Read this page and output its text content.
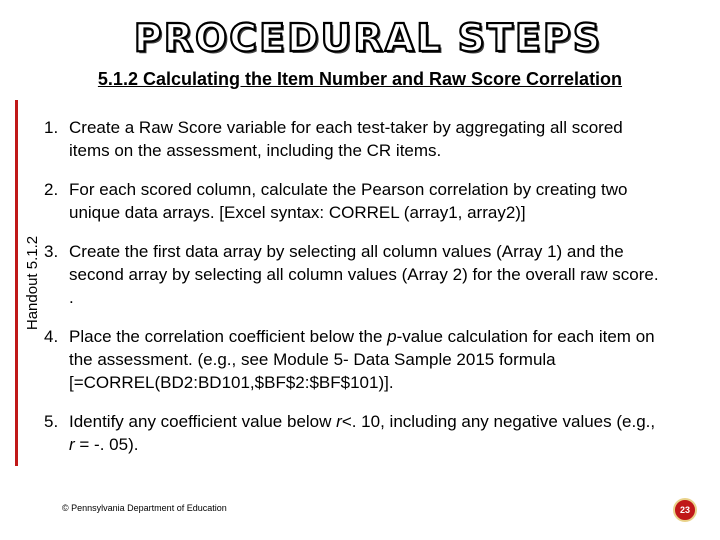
PROCEDURAL STEPS
5.1.2 Calculating the Item Number and Raw Score Correlation
Handout 5.1.2
1. Create a Raw Score variable for each test-taker by aggregating all scored items on the assessment, including the CR items.
2. For each scored column, calculate the Pearson correlation by creating two unique data arrays. [Excel syntax: CORREL (array1, array2)]
3. Create the first data array by selecting all column values (Array 1) and the second array by selecting all column values (Array 2) for the overall raw score. .
4. Place the correlation coefficient below the p-value calculation for each item on the assessment. (e.g., see Module 5- Data Sample 2015 formula [=CORREL(BD2:BD101,$BF$2:$BF$101)].
5. Identify any coefficient value below r<. 10, including any negative values (e.g., r = -. 05).
© Pennsylvania Department of Education	23
